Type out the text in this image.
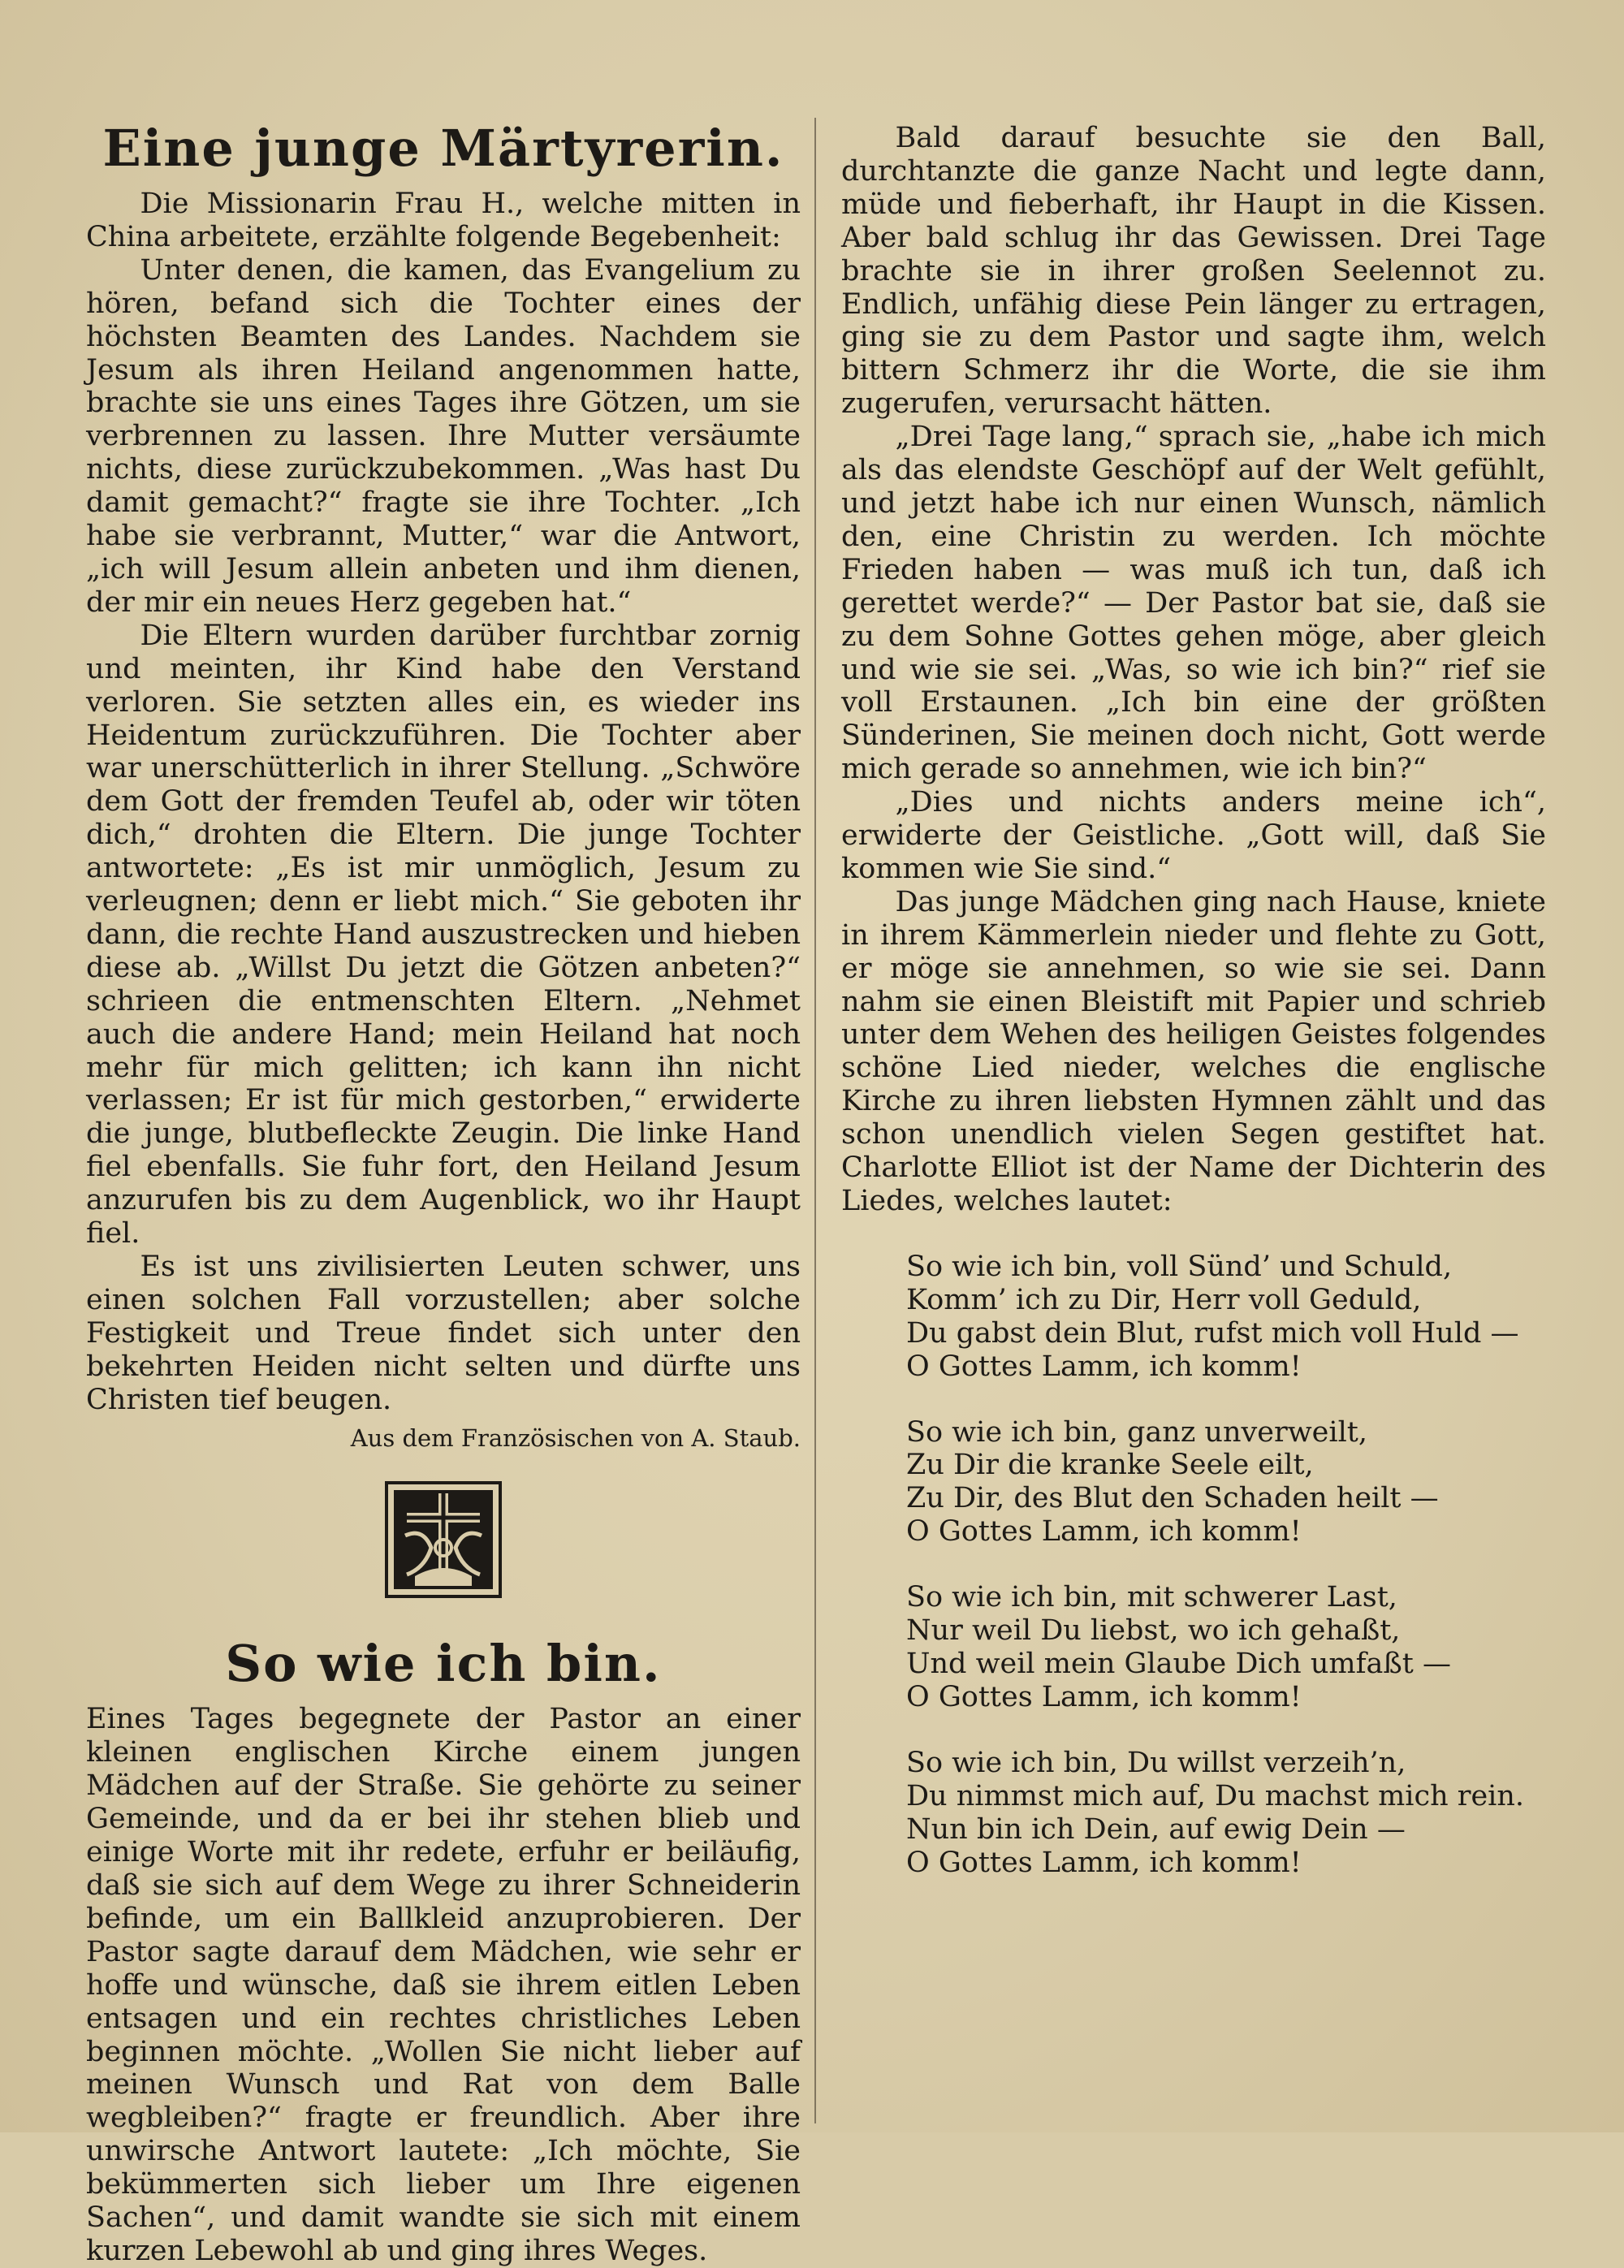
Eine junge Märtyrerin.

Die Missionarin Frau H., welche mitten in China arbeitete, erzählte folgende Begebenheit:

Unter denen, die kamen, das Evangelium zu hören, befand sich die Tochter eines der höchsten Beamten des Landes. Nachdem sie Jesum als ihren Heiland angenommen hatte, brachte sie uns eines Tages ihre Götzen, um sie verbrennen zu lassen. Ihre Mutter versäumte nichts, diese zurückzubekommen. „Was hast Du damit gemacht?“ fragte sie ihre Tochter. „Ich habe sie verbrannt, Mutter,“ war die Antwort, „ich will Jesum allein anbeten und ihm dienen, der mir ein neues Herz gegeben hat.“

Die Eltern wurden darüber furchtbar zornig und meinten, ihr Kind habe den Verstand verloren. Sie setzten alles ein, es wieder ins Heidentum zurückzuführen. Die Tochter aber war unerschütterlich in ihrer Stellung. „Schwöre dem Gott der fremden Teufel ab, oder wir töten dich,“ drohten die Eltern. Die junge Tochter antwortete: „Es ist mir unmöglich, Jesum zu verleugnen; denn er liebt mich.“ Sie geboten ihr dann, die rechte Hand auszustrecken und hieben diese ab. „Willst Du jetzt die Götzen anbeten?“ schrieen die entmenschten Eltern. „Nehmet auch die andere Hand; mein Heiland hat noch mehr für mich gelitten; ich kann ihn nicht verlassen; Er ist für mich gestorben,“ erwiderte die junge, blutbefleckte Zeugin. Die linke Hand fiel ebenfalls. Sie fuhr fort, den Heiland Jesum anzurufen bis zu dem Augenblick, wo ihr Haupt fiel.

Es ist uns zivilisierten Leuten schwer, uns einen solchen Fall vorzustellen; aber solche Festigkeit und Treue findet sich unter den bekehrten Heiden nicht selten und dürfte uns Christen tief beugen.

Aus dem Französischen von A. Staub.
So wie ich bin.

Eines Tages begegnete der Pastor an einer kleinen englischen Kirche einem jungen Mädchen auf der Straße. Sie gehörte zu seiner Gemeinde, und da er bei ihr stehen blieb und einige Worte mit ihr redete, erfuhr er beiläufig, daß sie sich auf dem Wege zu ihrer Schneiderin befinde, um ein Ballkleid anzuprobieren. Der Pastor sagte darauf dem Mädchen, wie sehr er hoffe und wünsche, daß sie ihrem eitlen Leben entsagen und ein rechtes christliches Leben beginnen möchte. „Wollen Sie nicht lieber auf meinen Wunsch und Rat von dem Balle wegbleiben?“ fragte er freundlich. Aber ihre unwirsche Antwort lautete: „Ich möchte, Sie bekümmerten sich lieber um Ihre eigenen Sachen“, und damit wandte sie sich mit einem kurzen Lebewohl ab und ging ihres Weges.

Bald darauf besuchte sie den Ball, durchtanzte die ganze Nacht und legte dann, müde und fieberhaft, ihr Haupt in die Kissen. Aber bald schlug ihr das Gewissen. Drei Tage brachte sie in ihrer großen Seelennot zu. Endlich, unfähig diese Pein länger zu ertragen, ging sie zu dem Pastor und sagte ihm, welch bittern Schmerz ihr die Worte, die sie ihm zugerufen, verursacht hätten.

„Drei Tage lang,“ sprach sie, „habe ich mich als das elendste Geschöpf auf der Welt gefühlt, und jetzt habe ich nur einen Wunsch, nämlich den, eine Christin zu werden. Ich möchte Frieden haben — was muß ich tun, daß ich gerettet werde?“ — Der Pastor bat sie, daß sie zu dem Sohne Gottes gehen möge, aber gleich und wie sie sei. „Was, so wie ich bin?“ rief sie voll Erstaunen. „Ich bin eine der größten Sünderinen, Sie meinen doch nicht, Gott werde mich gerade so annehmen, wie ich bin?“

„Dies und nichts anders meine ich“, erwiderte der Geistliche. „Gott will, daß Sie kommen wie Sie sind.“

Das junge Mädchen ging nach Hause, kniete in ihrem Kämmerlein nieder und flehte zu Gott, er möge sie annehmen, so wie sie sei. Dann nahm sie einen Bleistift mit Papier und schrieb unter dem Wehen des heiligen Geistes folgendes schöne Lied nieder, welches die englische Kirche zu ihren liebsten Hymnen zählt und das schon unendlich vielen Segen gestiftet hat. Charlotte Elliot ist der Name der Dichterin des Liedes, welches lautet:

So wie ich bin, voll Sünd’ und Schuld,
Komm’ ich zu Dir, Herr voll Geduld,
Du gabst dein Blut, rufst mich voll Huld —
O Gottes Lamm, ich komm!
So wie ich bin, ganz unverweilt,
Zu Dir die kranke Seele eilt,
Zu Dir, des Blut den Schaden heilt —
O Gottes Lamm, ich komm!
So wie ich bin, mit schwerer Last,
Nur weil Du liebst, wo ich gehaßt,
Und weil mein Glaube Dich umfaßt —
O Gottes Lamm, ich komm!
So wie ich bin, Du willst verzeih’n,
Du nimmst mich auf, Du machst mich rein.
Nun bin ich Dein, auf ewig Dein —
O Gottes Lamm, ich komm!
